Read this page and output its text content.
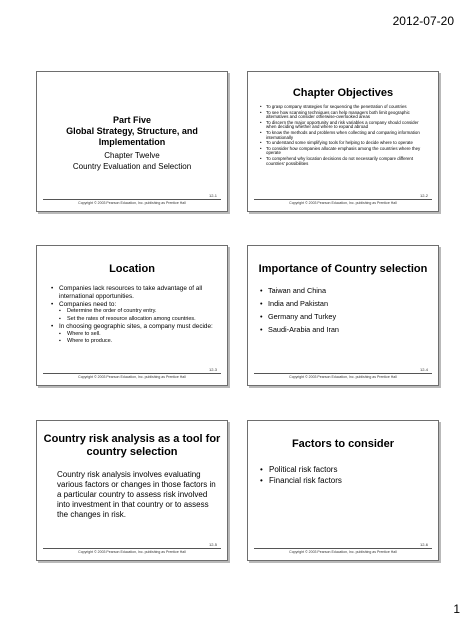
2012-07-20
Part Five
Global Strategy, Structure, and
Implementation
Chapter Twelve
Country Evaluation and Selection
12-1
Copyright © 2003 Pearson Education, Inc. publishing as Prentice Hall
Chapter Objectives
• To grasp company strategies for sequencing the penetration of countries
• To see how scanning techniques can help managers both limit geographic alternatives and consider otherwise-overlooked areas
• To discern the major opportunity and risk variables a company should consider when deciding whether and where to expand abroad
• To know the methods and problems when collecting and comparing information internationally
• To understand some simplifying tools for helping to decide where to operate
• To consider how companies allocate emphasis among the countries where they operate
• To comprehend why location decisions do not necessarily compare different countries' possibilities
12-2
Copyright © 2003 Pearson Education, Inc. publishing as Prentice Hall
Location
• Companies lack resources to take advantage of all international opportunities.
• Companies need to:
▪ Determine the order of country entry.
▪ Set the rates of resource allocation among countries.
• In choosing geographic sites, a company must decide:
▪ Where to sell.
▪ Where to produce.
12-3
Copyright © 2003 Pearson Education, Inc. publishing as Prentice Hall
Importance of Country selection
• Taiwan and China
• India and Pakistan
• Germany and Turkey
• Saudi-Arabia and Iran
12-4
Copyright © 2003 Pearson Education, Inc. publishing as Prentice Hall
Country risk analysis as a tool for country selection
Country risk analysis involves evaluating various factors or changes in those factors in a particular country to assess risk involved into investment in that country or to assess the changes in risk.
12-5
Copyright © 2003 Pearson Education, Inc. publishing as Prentice Hall
Factors to consider
• Political risk factors
• Financial risk factors
12-6
Copyright © 2003 Pearson Education, Inc. publishing as Prentice Hall
1
